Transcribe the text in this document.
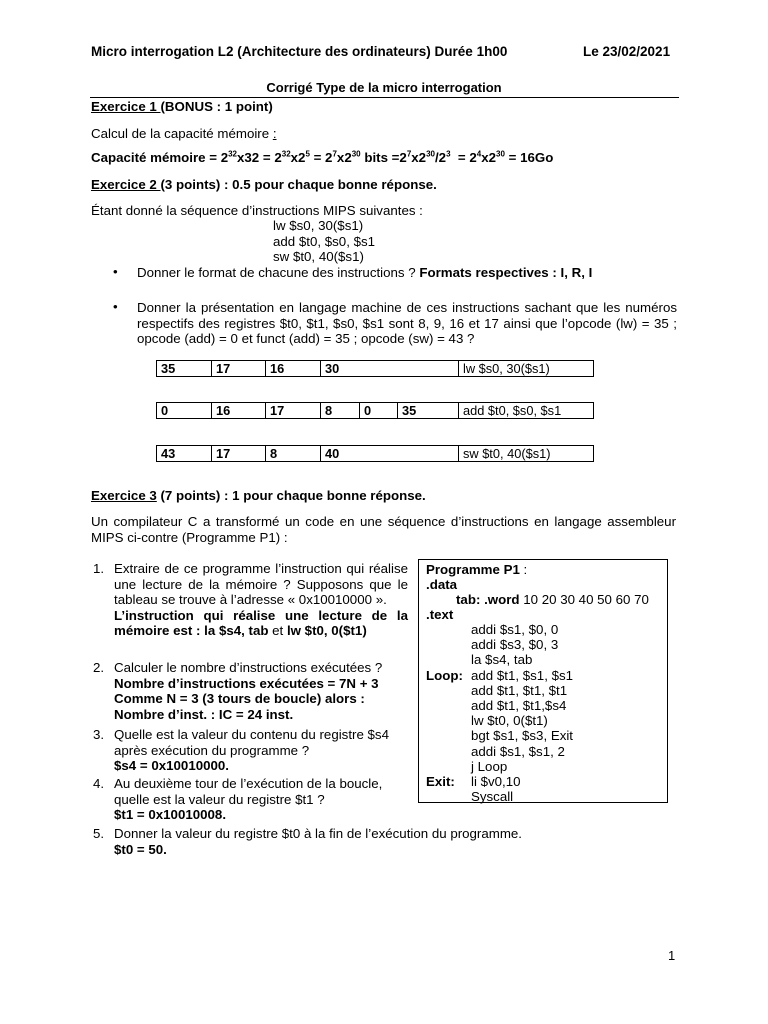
Micro interrogation L2 (Architecture des ordinateurs) Durée 1h00	Le 23/02/2021
Corrigé Type de la micro interrogation
Exercice 1 (BONUS : 1 point)
Calcul de la capacité mémoire :
Capacité mémoire = $2^{32}x32 = 2^{32}x2^5 = 2^7x2^{30}$ bits $=2^7x2^{30}/2^3 = 2^4x2^{30} = 16Go$
Exercice 2 (3 points) : 0.5 pour chaque bonne réponse.
Étant donné la séquence d’instructions MIPS suivantes :
lw $s0, 30($s1)
add $t0, $s0, $s1
sw $t0, 40($s1)
• Donner le format de chacune des instructions ? Formats respectives : I, R, I
• Donner la présentation en langage machine de ces instructions sachant que les numéros respectifs des registres $t0, $t1, $s0, $s1 sont 8, 9, 16 et 17 ainsi que l’opcode (lw) = 35 ; opcode (add) = 0 et funct (add) = 35 ; opcode (sw) = 43 ?
35	17	16	30	lw $s0, 30($s1)
0	16	17	8	0	35	add $t0, $s0, $s1
43	17	8	40	sw $t0, 40($s1)
Exercice 3 (7 points) : 1 pour chaque bonne réponse.
Un compilateur C a transformé un code en une séquence d’instructions en langage assembleur MIPS ci-contre (Programme P1) :
1. Extraire de ce programme l’instruction qui réalise une lecture de la mémoire ? Supposons que le tableau se trouve à l’adresse « 0x10010000 ».
L’instruction qui réalise une lecture de la mémoire est : la $s4, tab et lw $t0, 0($t1)
2. Calculer le nombre d’instructions exécutées ?
Nombre d’instructions exécutées = 7N + 3
Comme N = 3 (3 tours de boucle) alors :
Nombre d’inst. : IC = 24 inst.
3. Quelle est la valeur du contenu du registre $s4 après exécution du programme ?
$s4 = 0x10010000.
4. Au deuxième tour de l’exécution de la boucle, quelle est la valeur du registre $t1 ?
$t1 = 0x10010008.
5. Donner la valeur du registre $t0 à la fin de l’exécution du programme.
$t0 = 50.
Programme P1 :
.data
tab: .word 10 20 30 40 50 60 70
.text
addi $s1, $0, 0
addi $s3, $0, 3
la $s4, tab
Loop: add $t1, $s1, $s1
add $t1, $t1, $t1
add $t1, $t1,$s4
lw $t0, 0($t1)
bgt $s1, $s3, Exit
addi $s1, $s1, 2
j Loop
Exit: li $v0,10
Syscall
1
